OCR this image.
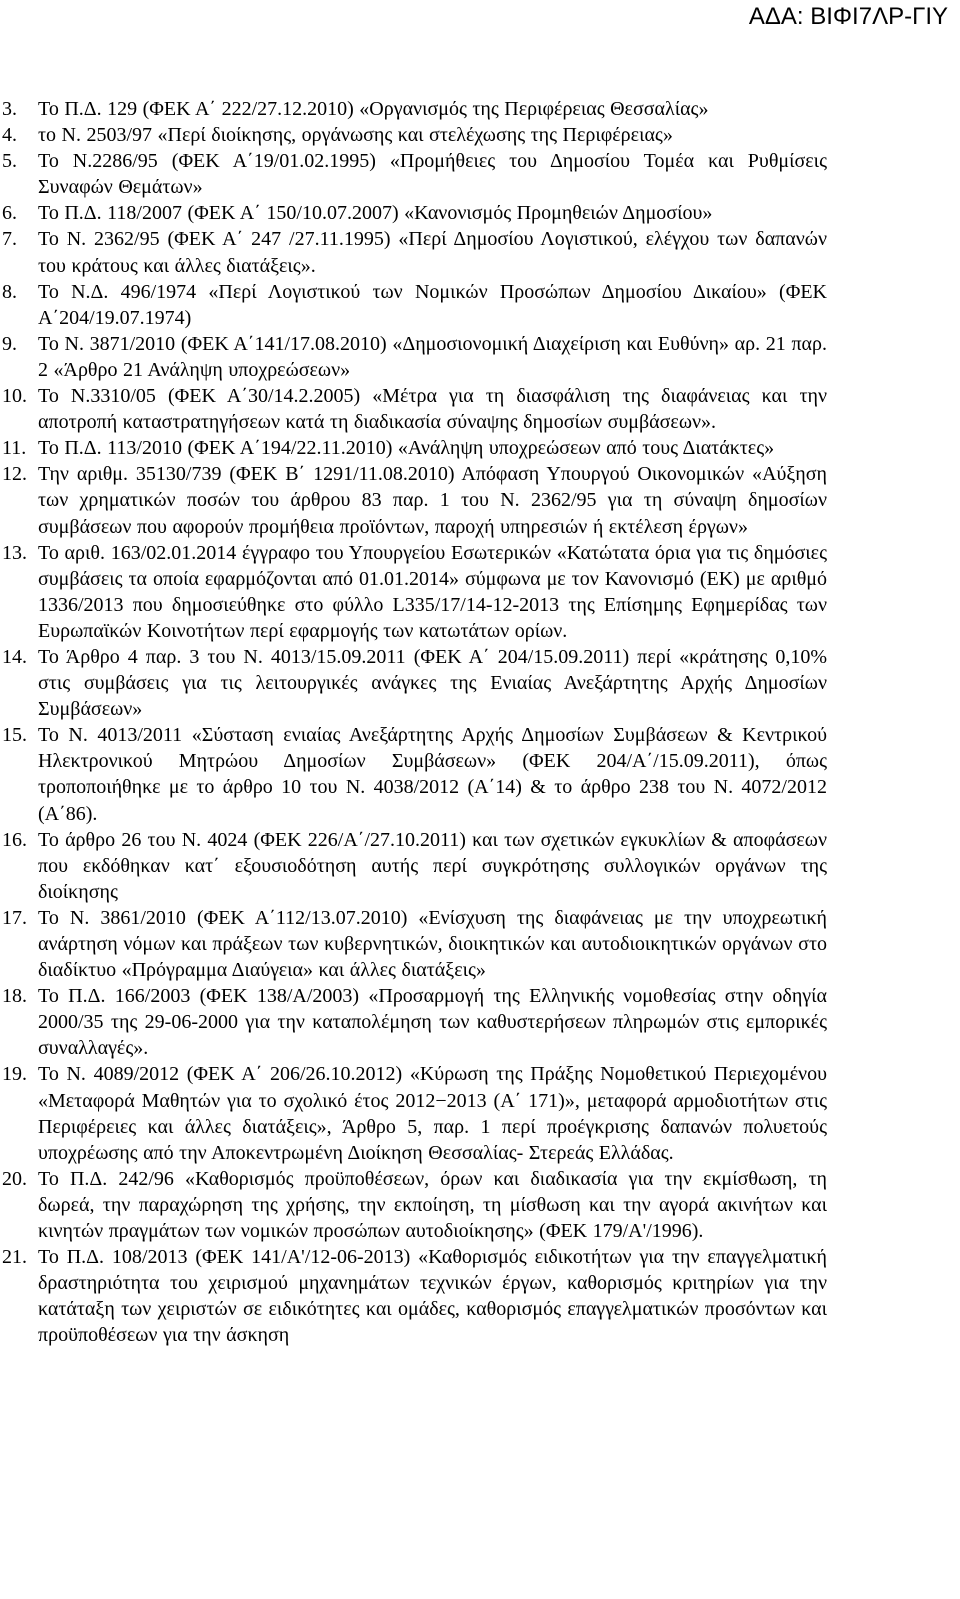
ΑΔΑ: ΒΙΦΙ7ΛΡ-ΓΙΥ
3.	Το Π.Δ. 129 (ΦΕΚ Α΄ 222/27.12.2010) «Οργανισμός της Περιφέρειας Θεσσαλίας»
4.	το Ν. 2503/97 «Περί διοίκησης, οργάνωσης και στελέχωσης της Περιφέρειας»
5.	Το Ν.2286/95 (ΦΕΚ Α΄19/01.02.1995) «Προμήθειες του Δημοσίου Τομέα και Ρυθμίσεις Συναφών Θεμάτων»
6.	Το Π.Δ. 118/2007 (ΦΕΚ Α΄ 150/10.07.2007) «Κανονισμός Προμηθειών Δημοσίου»
7.	Το Ν. 2362/95 (ΦΕΚ Α΄ 247 /27.11.1995) «Περί Δημοσίου Λογιστικού, ελέγχου των δαπανών του κράτους και άλλες διατάξεις».
8.	Το Ν.Δ. 496/1974 «Περί Λογιστικού των Νομικών Προσώπων Δημοσίου Δικαίου» (ΦΕΚ Α΄204/19.07.1974)
9.	Το Ν. 3871/2010 (ΦΕΚ Α΄141/17.08.2010) «Δημοσιονομική Διαχείριση και Ευθύνη» αρ. 21 παρ. 2 «Άρθρο 21 Ανάληψη υποχρεώσεων»
10. Το Ν.3310/05 (ΦΕΚ Α΄30/14.2.2005) «Μέτρα για τη διασφάλιση της διαφάνειας και την αποτροπή καταστρατηγήσεων κατά τη διαδικασία σύναψης δημοσίων συμβάσεων».
11. Το Π.Δ. 113/2010 (ΦΕΚ Α΄194/22.11.2010) «Ανάληψη υποχρεώσεων από τους Διατάκτες»
12. Την αριθμ. 35130/739 (ΦΕΚ Β΄ 1291/11.08.2010) Απόφαση Υπουργού Οικονομικών «Αύξηση των χρηματικών ποσών του άρθρου 83 παρ. 1 του Ν. 2362/95 για τη σύναψη δημοσίων συμβάσεων που αφορούν προμήθεια προϊόντων, παροχή υπηρεσιών ή εκτέλεση έργων»
13. Το αριθ. 163/02.01.2014 έγγραφο του Υπουργείου Εσωτερικών «Κατώτατα όρια για τις δημόσιες συμβάσεις τα οποία εφαρμόζονται από 01.01.2014» σύμφωνα με τον Κανονισμό (ΕΚ) με αριθμό 1336/2013 που δημοσιεύθηκε στο φύλλο L335/17/14-12-2013 της Επίσημης Εφημερίδας των Ευρωπαϊκών Κοινοτήτων περί εφαρμογής των κατωτάτων ορίων.
14. Το Άρθρο 4 παρ. 3 του Ν. 4013/15.09.2011 (ΦΕΚ Α΄ 204/15.09.2011) περί «κράτησης 0,10% στις συμβάσεις για τις λειτουργικές ανάγκες της Ενιαίας Ανεξάρτητης Αρχής Δημοσίων Συμβάσεων»
15. Το Ν. 4013/2011 «Σύσταση ενιαίας Ανεξάρτητης Αρχής Δημοσίων Συμβάσεων & Κεντρικού Ηλεκτρονικού Μητρώου Δημοσίων Συμβάσεων» (ΦΕΚ 204/Α΄/15.09.2011), όπως τροποποιήθηκε με το άρθρο 10 του Ν. 4038/2012 (Α΄14) & το άρθρο 238 του Ν. 4072/2012 (Α΄86).
16. Το άρθρο 26 του Ν. 4024 (ΦΕΚ 226/Α΄/27.10.2011) και των σχετικών εγκυκλίων & αποφάσεων που εκδόθηκαν κατ΄ εξουσιοδότηση αυτής περί συγκρότησης συλλογικών οργάνων της διοίκησης
17. Το Ν. 3861/2010 (ΦΕΚ Α΄112/13.07.2010) «Ενίσχυση της διαφάνειας με την υποχρεωτική ανάρτηση νόμων και πράξεων των κυβερνητικών, διοικητικών και αυτοδιοικητικών οργάνων στο διαδίκτυο «Πρόγραμμα Διαύγεια» και άλλες διατάξεις»
18. Το Π.Δ. 166/2003 (ΦΕΚ 138/Α/2003) «Προσαρμογή της Ελληνικής νομοθεσίας στην οδηγία 2000/35 της 29-06-2000 για την καταπολέμηση των καθυστερήσεων πληρωμών στις εμπορικές συναλλαγές».
19. Το Ν. 4089/2012 (ΦΕΚ Α΄ 206/26.10.2012) «Κύρωση της Πράξης Νομοθετικού Περιεχομένου «Μεταφορά Μαθητών για το σχολικό έτος 2012−2013 (Α΄ 171)», μεταφορά αρμοδιοτήτων στις Περιφέρειες και άλλες διατάξεις», Άρθρο 5, παρ. 1 περί προέγκρισης δαπανών πολυετούς υποχρέωσης από την Αποκεντρωμένη Διοίκηση Θεσσαλίας- Στερεάς Ελλάδας.
20. Το Π.Δ. 242/96 «Καθορισμός προϋποθέσεων, όρων και διαδικασία για την εκμίσθωση, τη δωρεά, την παραχώρηση της χρήσης, την εκποίηση, τη μίσθωση και την αγορά ακινήτων και κινητών πραγμάτων των νομικών προσώπων αυτοδιοίκησης» (ΦΕΚ 179/Α'/1996).
21. Το Π.Δ. 108/2013 (ΦΕΚ 141/Α'/12-06-2013) «Καθορισμός ειδικοτήτων για την επαγγελματική δραστηριότητα του χειρισμού μηχανημάτων τεχνικών έργων, καθορισμός κριτηρίων για την κατάταξη των χειριστών σε ειδικότητες και ομάδες, καθορισμός επαγγελματικών προσόντων και προϋποθέσεων για την άσκηση
